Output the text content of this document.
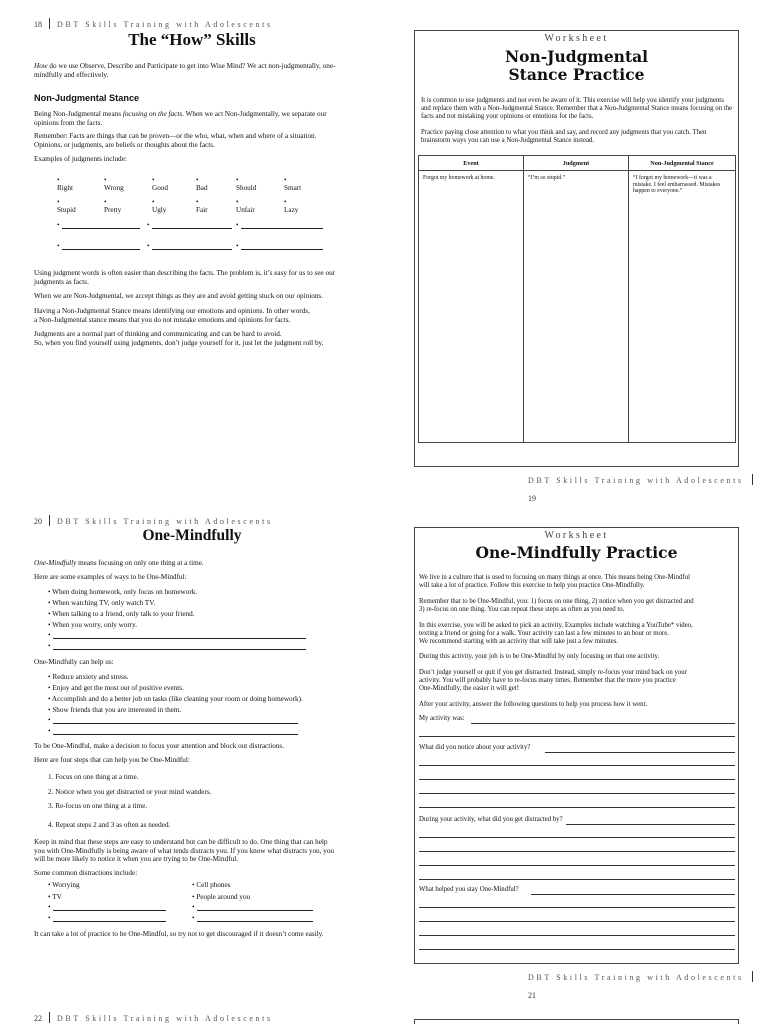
18 DBT Skills Training with Adolescents
The “How” Skills
How do we use Observe, Describe and Participate to get into Wise Mind? We act non-judgmentally, one-mindfully and effectively.
Non-Judgmental Stance
Being Non-Judgmental means focusing on the facts. When we act Non-Judgmentally, we separate our opinions from the facts.
Remember: Facts are things that can be proven—or the who, what, when and where of a situation. Opinions, or judgments, are beliefs or thoughts about the facts.
Examples of judgments include:
• Right
• Wrong
• Good
• Bad
• Should
• Smart
• Stupid
• Pretty
• Ugly
• Fair
• Unfair
• Lazy
•	•	•
•	•	•
Using judgment words is often easier than describing the facts. The problem is, it’s easy for us to see our judgments as facts.
When we are Non-Judgmental, we accept things as they are and avoid getting stuck on our opinions.
Having a Non-Judgmental Stance means identifying our emotions and opinions. In other words,
a Non-Judgmental stance means that you do not mistake emotions and opinions for facts.
Judgments are a normal part of thinking and communicating and can be hard to avoid.
So, when you find yourself using judgments, don’t judge yourself for it, just let the judgment roll by.
Worksheet
Non-Judgmental
Stance Practice
It is common to use judgments and not even be aware of it. This exercise will help you identify your judgments and replace them with a Non-Judgmental Stance. Remember that a Non-Judgmental Stance means focusing on the facts and not mistaking your opinions or emotions for the facts.
Practice paying close attention to what you think and say, and record any judgments that you catch. Then brainstorm ways you can use a Non-Judgmental Stance instead.
Event	Judgment	Non-Judgmental Stance
Forgot my homework at home.	“I’m so stupid.”	“I forgot my homework—it was a mistake. I feel embarrassed. Mistakes happen to everyone.”
DBT Skills Training with Adolescents  19
20 DBT Skills Training with Adolescents
One-Mindfully
One-Mindfully means focusing on only one thing at a time.
Here are some examples of ways to be One-Mindful:
• When doing homework, only focus on homework.
• When watching TV, only watch TV.
• When talking to a friend, only talk to your friend.
• When you worry, only worry.
•
•
One-Mindfully can help us:
• Reduce anxiety and stress.
• Enjoy and get the most out of positive events.
• Accomplish and do a better job on tasks (like cleaning your room or doing homework).
• Show friends that you are interested in them.
•
•
To be One-Mindful, make a decision to focus your attention and block out distractions.
Here are four steps that can help you be One-Mindful:
1. Focus on one thing at a time.
2. Notice when you get distracted or your mind wanders.
3. Re-focus on one thing at a time.
4. Repeat steps 2 and 3 as often as needed.
Keep in mind that these steps are easy to understand but can be difficult to do. One thing that can help
you with One-Mindfully is being aware of what tends distracts you. If you know what distracts you, you
will be more likely to notice it when you are trying to be One-Mindful.
Some common distractions include:
• Worrying
• TV
• Cell phones
• People around you
•	•
•	•
It can take a lot of practice to be One-Mindful, so try not to get discouraged if it doesn’t come easily.
Worksheet
One-Mindfully Practice
We live in a culture that is used to focusing on many things at once. This means being One-Mindful
will take a lot of practice. Follow this exercise to help you practice One-Mindfully.
Remember that to be One-Mindful, you: 1) focus on one thing, 2) notice when you get distracted and
3) re-focus on one thing. You can repeat these steps as often as you need to.
In this exercise, you will be asked to pick an activity. Examples include watching a YouTube* video,
texting a friend or going for a walk. Your activity can last a few minutes to an hour or more.
We recommend starting with an activity that will take just a few minutes.
During this activity, your job is to be One-Mindful by only focusing on that one activity.
Don’t judge yourself or quit if you get distracted. Instead, simply re-focus your mind back on your
activity. You will probably have to re-focus many times. Remember that the more you practice
One-Mindfully, the easier it will get!
After your activity, answer the following questions to help you process how it went.
My activity was:
What did you notice about your activity?
During your activity, what did you get distracted by?
What helped you stay One-Mindful?
DBT Skills Training with Adolescents  21
22 DBT Skills Training with Adolescents
